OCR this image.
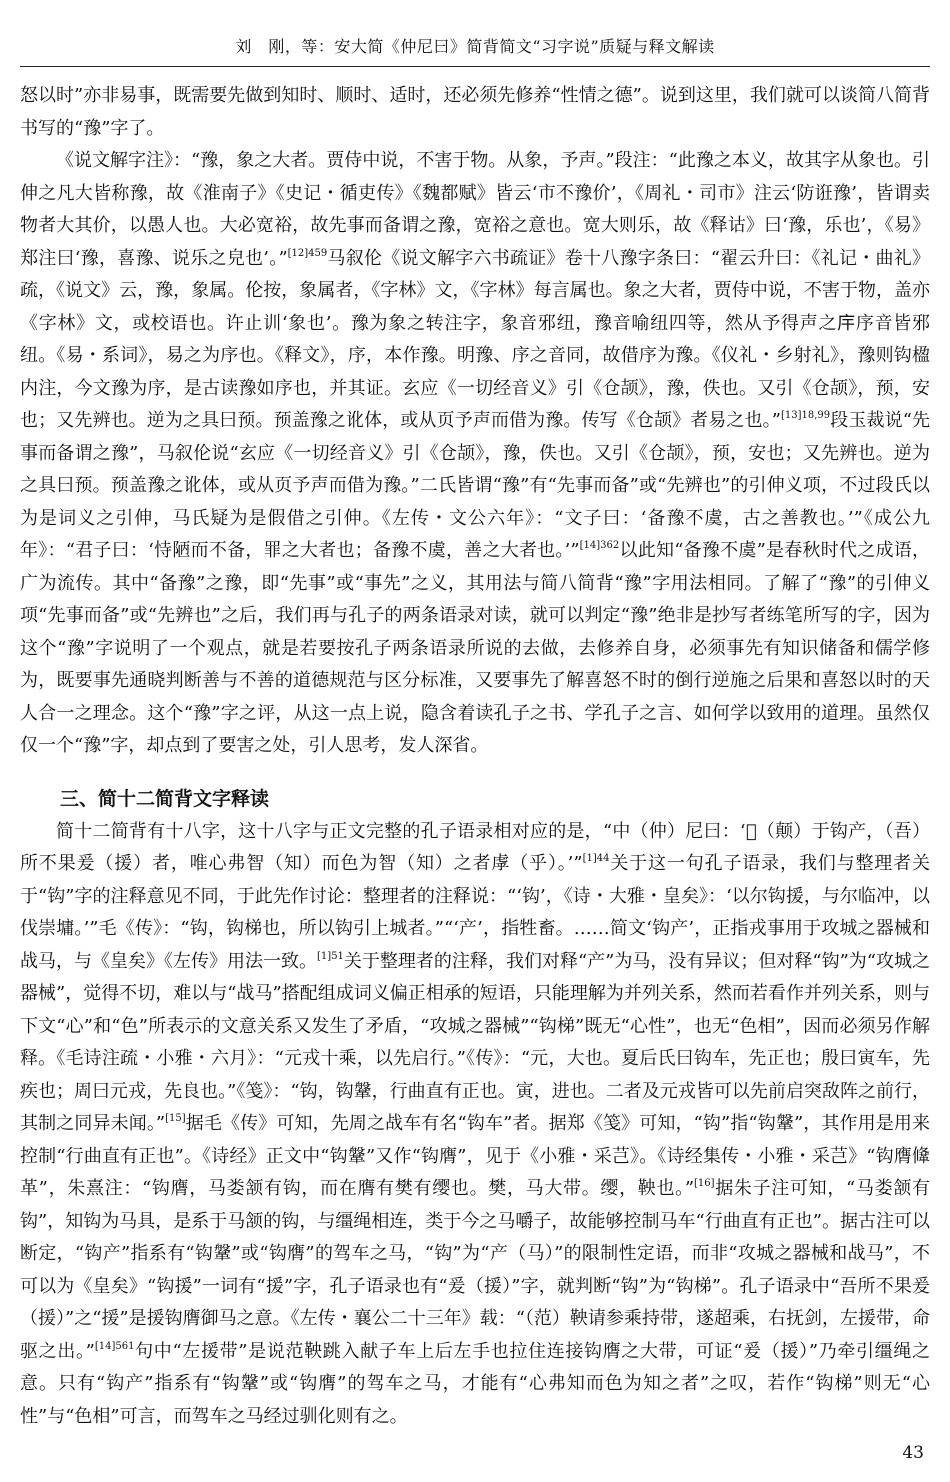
刘　刚，等：安大简《仲尼曰》简背简文“习字说”质疑与释文解读

怒以时”亦非易事，既需要先做到知时、顺时、适时，还必须先修养“性情之德”。说到这里，我们就可以谈简八简背书写的“豫”字了。

《说文解字注》：“豫，象之大者。贾侍中说，不害于物。从象，予声。”段注：“此豫之本义，故其字从象也。引伸之凡大皆称豫，故《淮南子》《史记・循吏传》《魏都赋》皆云‘市不豫价’，《周礼・司市》注云‘防诳豫’，皆谓卖物者大其价，以愚人也。大必宽裕，故先事而备谓之豫，宽裕之意也。宽大则乐，故《释诂》曰‘豫，乐也’，《易》郑注曰‘豫，喜豫、说乐之皃也’。”$^{[12]459}$马叙伦《说文解字六书疏证》卷十八豫字条曰：“翟云升曰：《礼记・曲礼》疏，《说文》云，豫，象属。伦按，象属者，《字林》文，《字林》每言属也。象之大者，贾侍中说，不害于物，盖亦《字林》文，或校语也。许止训‘象也’。豫为象之转注字，象音邪纽，豫音喻纽四等，然从予得声之𢇛序音皆邪纽。《易・系词》，易之为序也。《释文》，序，本作豫。明豫、序之音同，故借序为豫。《仪礼・乡射礼》，豫则钩楹内注，今文豫为序，是古读豫如序也，并其证。玄应《一切经音义》引《仓颉》，豫，佚也。又引《仓颉》，预，安也；又先辨也。逆为之具曰预。预盖豫之讹体，或从页予声而借为豫。传写《仓颉》者易之也。”$^{[13]18,99}$段玉裁说“先事而备谓之豫”，马叙伦说“玄应《一切经音义》引《仓颉》，豫，佚也。又引《仓颉》，预，安也；又先辨也。逆为之具曰预。预盖豫之讹体，或从页予声而借为豫。”二氏皆谓“豫”有“先事而备”或“先辨也”的引伸义项，不过段氏以为是词义之引伸，马氏疑为是假借之引伸。《左传・文公六年》：“文子曰：‘备豫不虞，古之善教也。’”《成公九年》：“君子曰：‘恃陋而不备，罪之大者也；备豫不虞，善之大者也。’”$^{[14]362}$以此知“备豫不虞”是春秋时代之成语，广为流传。其中“备豫”之豫，即“先事”或“事先”之义，其用法与简八简背“豫”字用法相同。了解了“豫”的引伸义项“先事而备”或“先辨也”之后，我们再与孔子的两条语录对读，就可以判定“豫”绝非是抄写者练笔所写的字，因为这个“豫”字说明了一个观点，就是若要按孔子两条语录所说的去做，去修养自身，必须事先有知识储备和儒学修为，既要事先通晓判断善与不善的道德规范与区分标准，又要事先了解喜怒不时的倒行逆施之后果和喜怒以时的天人合一之理念。这个“豫”字之评，从这一点上说，隐含着读孔子之书、学孔子之言、如何学以致用的道理。虽然仅仅一个“豫”字，却点到了要害之处，引人思考，发人深省。

三、简十二简背文字释读

简十二简背有十八字，这十八字与正文完整的孔子语录相对应的是，“中（仲）尼曰：‘𨗜（颠）于钩产，（吾）所不果爰（援）者，唯心弗智（知）而色为智（知）之者虖（乎）。’”$^{[1]44}$关于这一句孔子语录，我们与整理者关于“钩”字的注释意见不同，于此先作讨论：整理者的注释说：“‘钩’，《诗・大雅・皇矣》：‘以尔钩援，与尔临冲，以伐崇墉。’”毛《传》：“钩，钩梯也，所以钩引上城者。”“‘产’，指牲畜。……简文‘钩产’，正指戎事用于攻城之器械和战马，与《皇矣》《左传》用法一致。$^{[1]51}$关于整理者的注释，我们对释“产”为马，没有异议；但对释“钩”为“攻城之器械”，觉得不切，难以与“战马”搭配组成词义偏正相承的短语，只能理解为并列关系，然而若看作并列关系，则与下文“心”和“色”所表示的文意关系又发生了矛盾，“攻城之器械”“钩梯”既无“心性”，也无“色相”，因而必须另作解释。《毛诗注疏・小雅・六月》：“元戎十乘，以先启行。”《传》：“元，大也。夏后氏曰钩车，先正也；殷曰寅车，先疾也；周曰元戎，先良也。”《笺》：“钩，钩鞶，行曲直有正也。寅，进也。二者及元戎皆可以先前启突敌阵之前行，其制之同异未闻。”[15]据毛《传》可知，先周之战车有名“钩车”者。据郑《笺》可知，“钩”指“钩鞶”，其作用是用来控制“行曲直有正也”。《诗经》正文中“钩鞶”又作“钩膺”，见于《小雅・采芑》。《诗经集传・小雅・采芑》“钩膺鞗革”，朱熹注：“钩膺，马娄颔有钩，而在膺有樊有缨也。樊，马大带。缨，鞅也。”[16]据朱子注可知，“马娄颔有钩”，知钩为马具，是系于马颔的钩，与缰绳相连，类于今之马嚼子，故能够控制马车“行曲直有正也”。据古注可以断定，“钩产”指系有“钩鞶”或“钩膺”的驾车之马，“钩”为“产（马）”的限制性定语，而非“攻城之器械和战马”，不可以为《皇矣》“钩援”一词有“援”字，孔子语录也有“爰（援）”字，就判断“钩”为“钩梯”。孔子语录中“吾所不果爰（援）”之“援”是援钩膺御马之意。《左传・襄公二十三年》载：“（范）鞅请参乘持带，遂超乘，右抚剑，左援带，命驱之出。”$^{[14]561}$句中“左援带”是说范鞅跳入献子车上后左手也拉住连接钩膺之大带，可证“爰（援）”乃牵引缰绳之意。只有“钩产”指系有“钩鞶”或“钩膺”的驾车之马，才能有“心弗知而色为知之者”之叹，若作“钩梯”则无“心性”与“色相”可言，而驾车之马经过驯化则有之。

43
